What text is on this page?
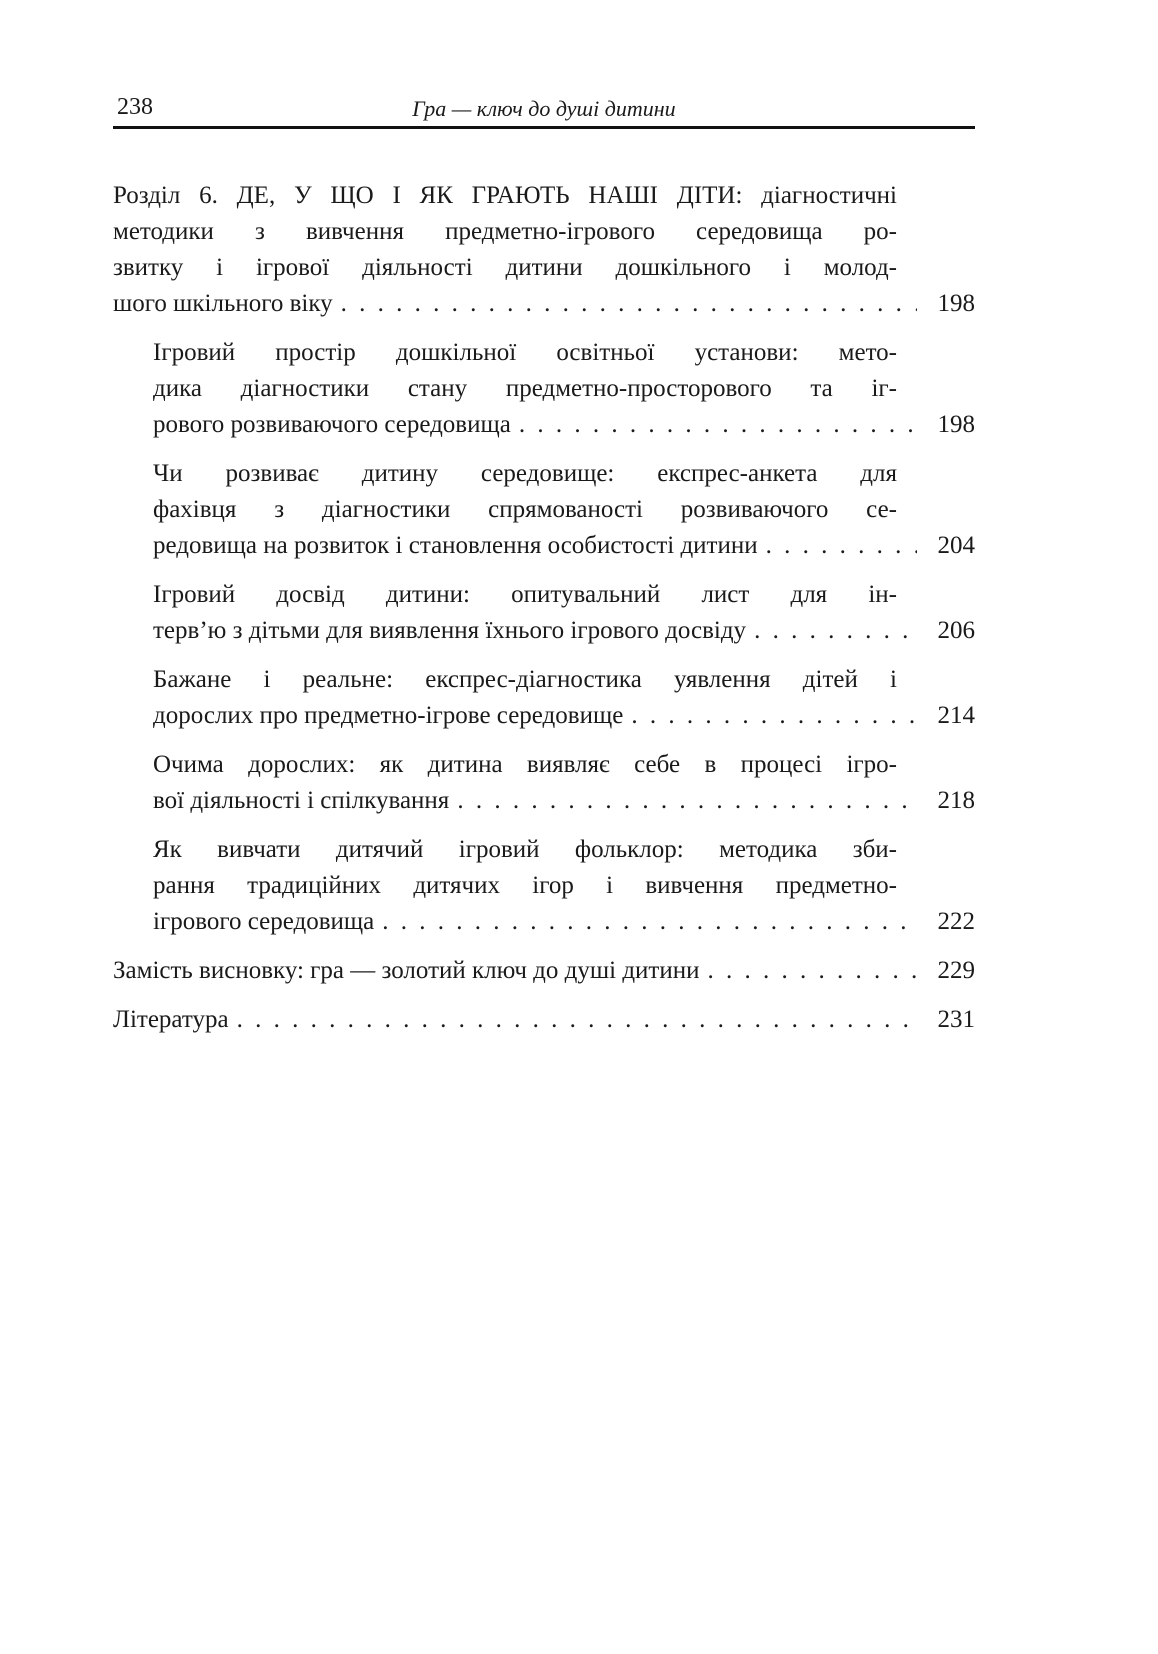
238	Гра — ключ до душі дитини
Розділ 6. ДЕ, У ЩО І ЯК ГРАЮТЬ НАШІ ДІТИ: діагностичні
методики з вивчення предметно-ігрового середовища ро-
звитку і ігрової діяльності дитини дошкільного і молод-
шого шкільного віку . . .	198
Ігровий простір дошкільної освітньої установи: мето-
дика діагностики стану предметно-просторового та іг-
рового розвиваючого середовища . . .	198
Чи розвиває дитину середовище: експрес-анкета для
фахівця з діагностики спрямованості розвиваючого се-
редовища на розвиток і становлення особистості дитини . . .	204
Ігровий досвід дитини: опитувальний лист для ін-
терв’ю з дітьми для виявлення їхнього ігрового досвіду . . .	206
Бажане і реальне: експрес-діагностика уявлення дітей і
дорослих про предметно-ігрове середовище . . .	214
Очима дорослих: як дитина виявляє себе в процесі ігро-
вої діяльності і спілкування . . .	218
Як вивчати дитячий ігровий фольклор: методика зби-
рання традиційних дитячих ігор і вивчення предметно-
ігрового середовища . . .	222
Замість висновку: гра — золотий ключ до душі дитини . . .	229
Література . . .	231
